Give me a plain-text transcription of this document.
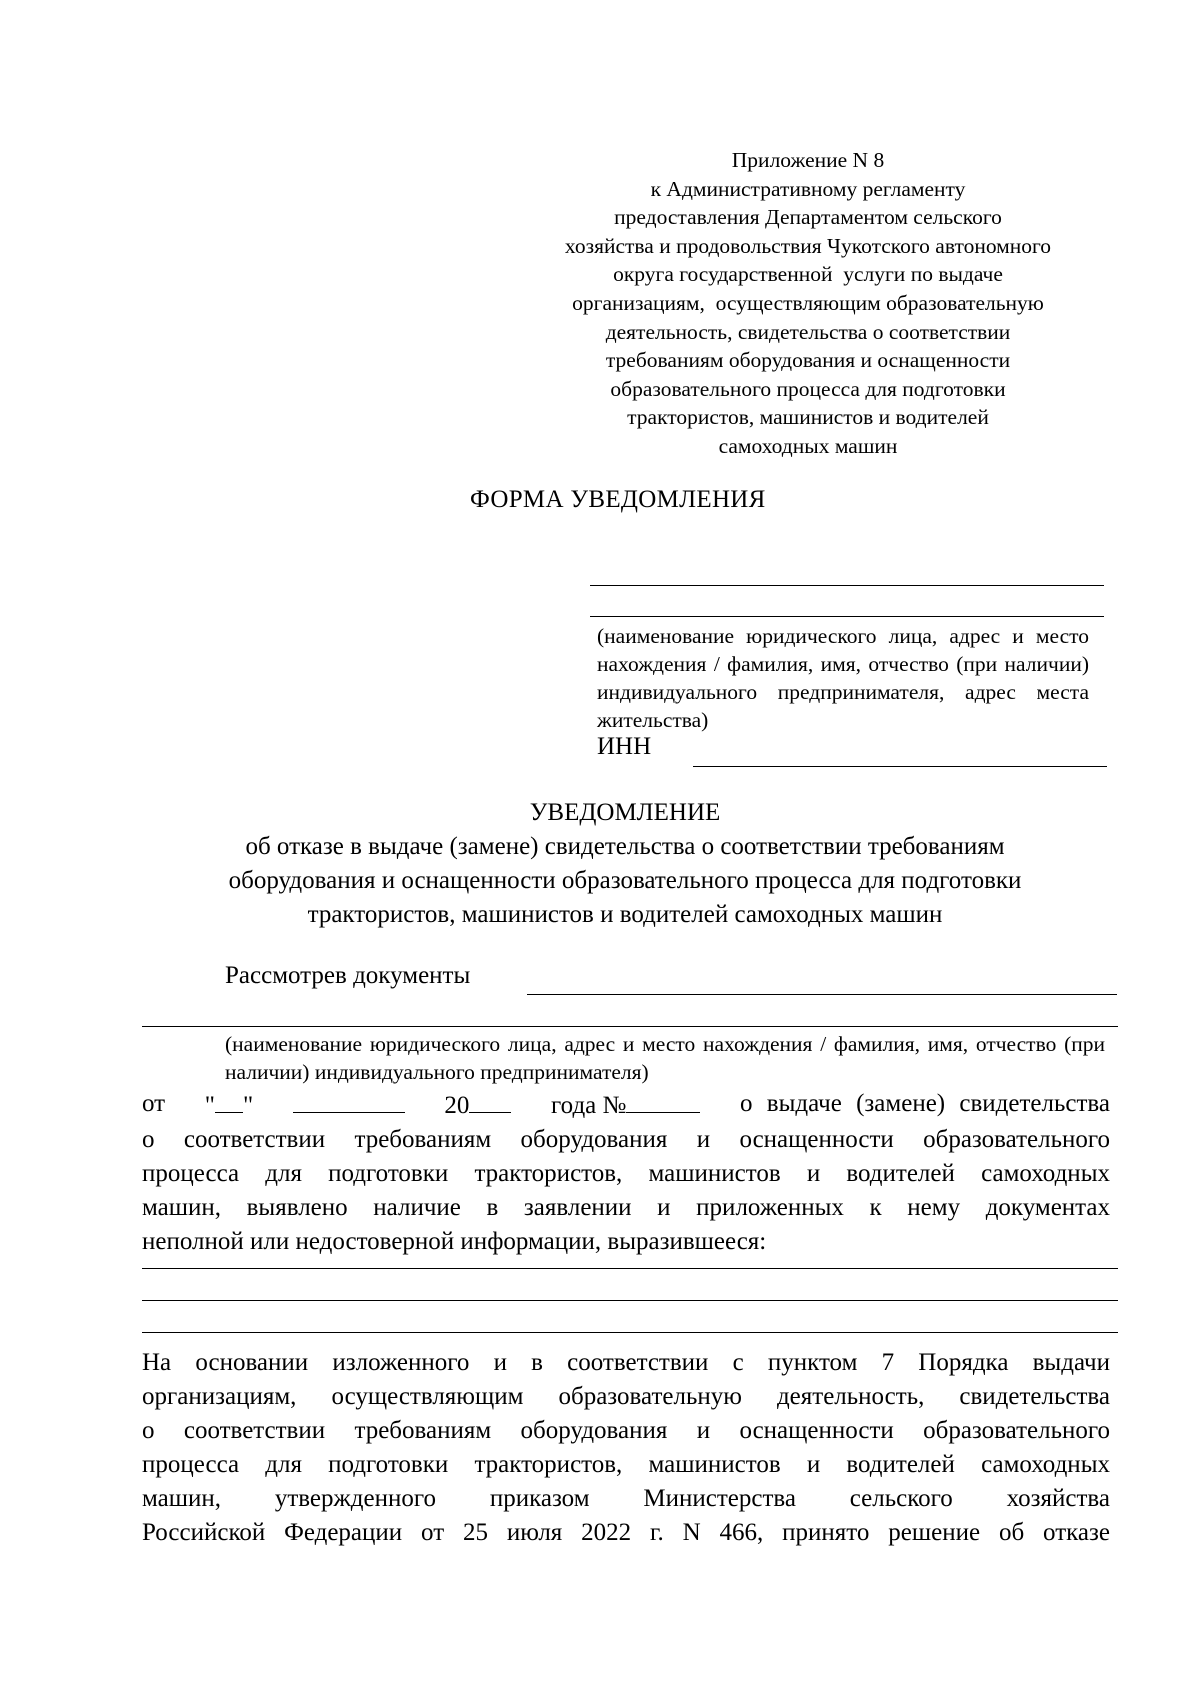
Приложение N 8
к Административному регламенту
предоставления Департаментом сельского
хозяйства и продовольствия Чукотского автономного
округа государственной  услуги по выдаче
организациям,  осуществляющим образовательную
деятельность, свидетельства о соответствии
требованиям оборудования и оснащенности
образовательного процесса для подготовки
трактористов, машинистов и водителей
самоходных машин
ФОРМА УВЕДОМЛЕНИЯ
(наименование юридического лица, адрес и место нахождения / фамилия, имя, отчество (при наличии) индивидуального предпринимателя, адрес места жительства)
ИНН
УВЕДОМЛЕНИЕ
об отказе в выдаче (замене) свидетельства о соответствии требованиям
оборудования и оснащенности образовательного процесса для подготовки
трактористов, машинистов и водителей самоходных машин
Рассмотрев документы
(наименование юридического лица, адрес и место нахождения / фамилия, имя, отчество (при наличии) индивидуального предпринимателя)
от " "	20	года №	о выдаче (замене) свидетельства
о соответствии требованиям оборудования и оснащенности образовательного
процесса для подготовки трактористов, машинистов и водителей самоходных
машин, выявлено наличие в заявлении и приложенных к нему документах
неполной или недостоверной информации, выразившееся:
На основании изложенного и в соответствии с пунктом 7 Порядка выдачи
организациям, осуществляющим образовательную деятельность, свидетельства
о соответствии требованиям оборудования и оснащенности образовательного
процесса для подготовки трактористов, машинистов и водителей самоходных
машин, утвержденного приказом Министерства сельского хозяйства
Российской Федерации от 25 июля 2022 г. N 466, принято решение об отказе
